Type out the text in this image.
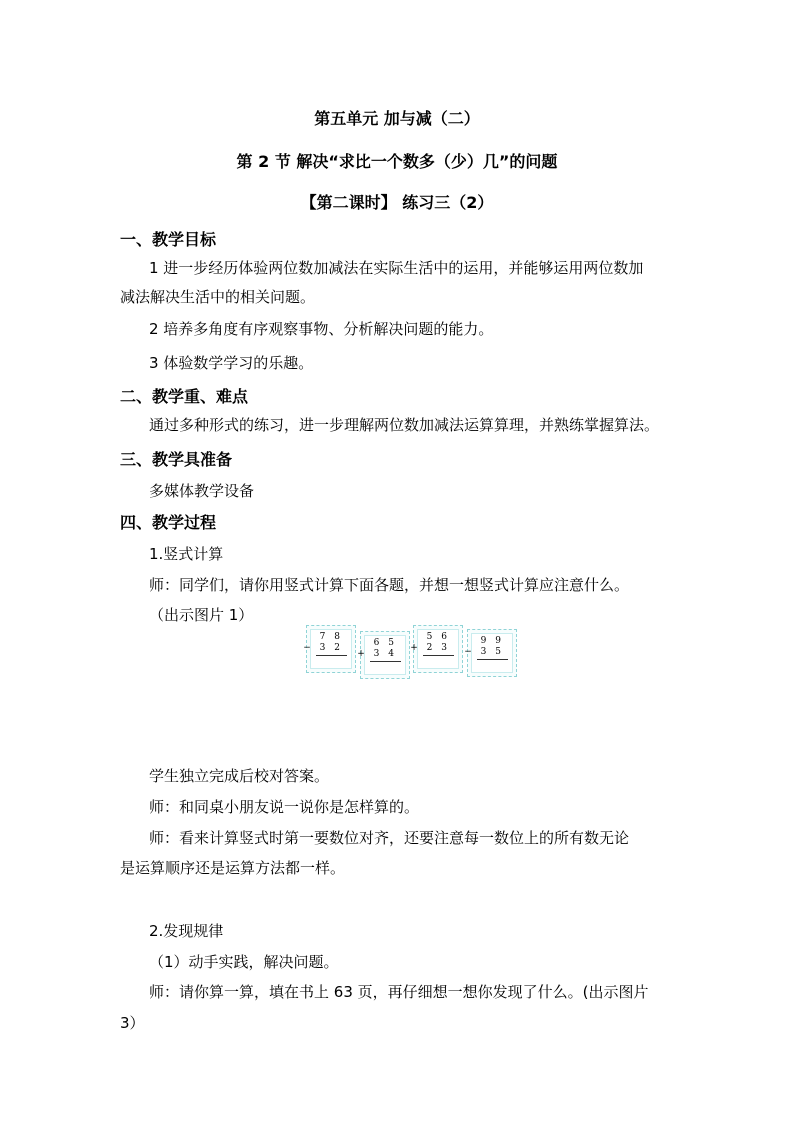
第五单元 加与减（二）
第 2 节 解决“求比一个数多（少）几”的问题
【第二课时】 练习三（2）
一、教学目标
1 进一步经历体验两位数加减法在实际生活中的运用，并能够运用两位数加
减法解决生活中的相关问题。
2 培养多角度有序观察事物、分析解决问题的能力。
3 体验数学学习的乐趣。
二、教学重、难点
通过多种形式的练习，进一步理解两位数加减法运算算理，并熟练掌握算法。
三、教学具准备
多媒体教学设备
四、教学过程
1.竖式计算
师：同学们，请你用竖式计算下面各题，并想一想竖式计算应注意什么。
（出示图片 1）
7 8
− 3 2	6 5
+ 3 4
5 6
+ 2 3
9 9
− 3 5
学生独立完成后校对答案。
师：和同桌小朋友说一说你是怎样算的。
师：看来计算竖式时第一要数位对齐，还要注意每一数位上的所有数无论
是运算顺序还是运算方法都一样。
2.发现规律
（1）动手实践，解决问题。
师：请你算一算，填在书上 63 页，再仔细想一想你发现了什么。(出示图片
3）
